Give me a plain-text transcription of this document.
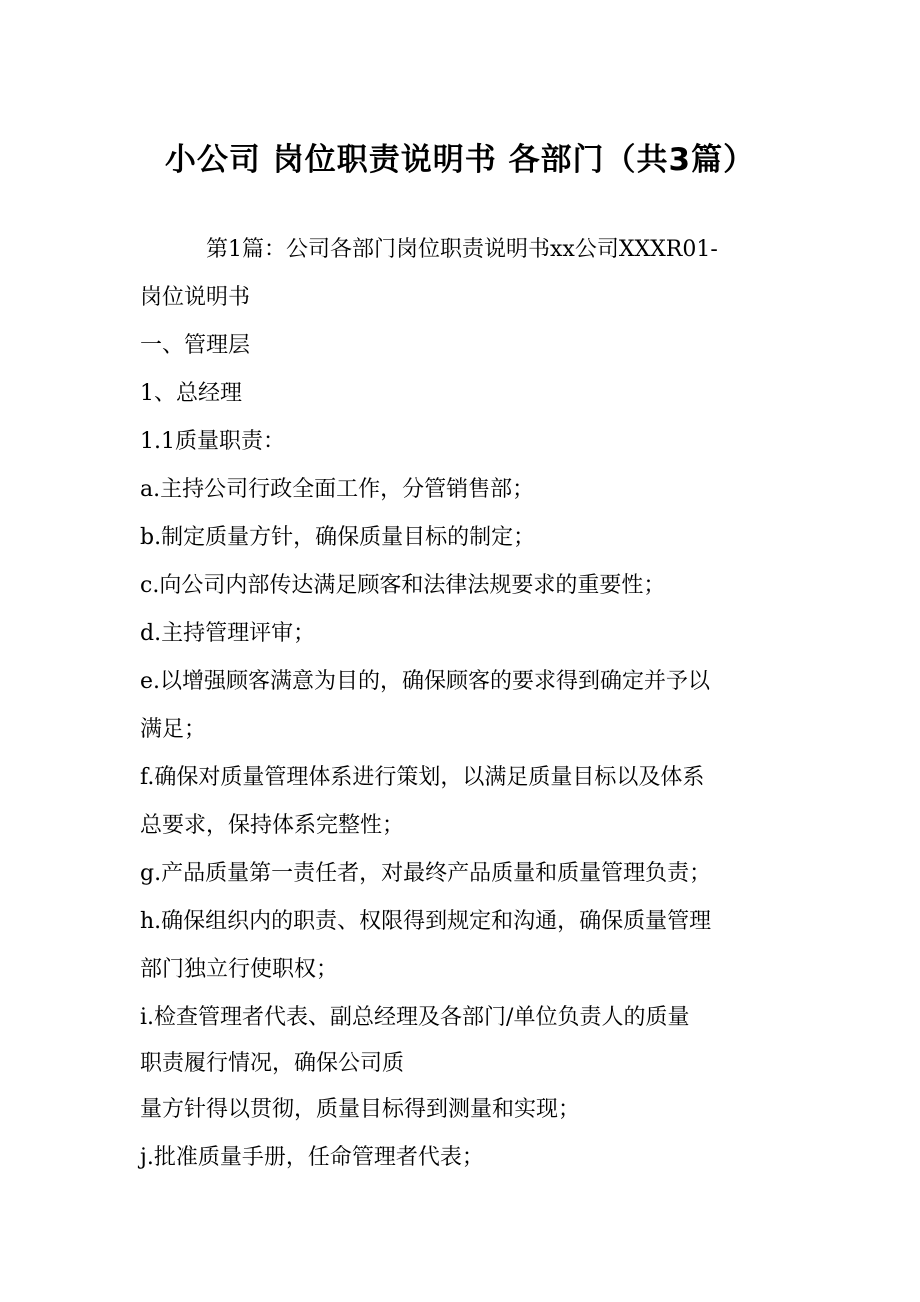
小公司 岗位职责说明书 各部门（共3篇）
第1篇：公司各部门岗位职责说明书xx公司XXXR01-
岗位说明书
一、管理层
1、总经理
1.1质量职责：
a.主持公司行政全面工作，分管销售部；
b.制定质量方针，确保质量目标的制定；
c.向公司内部传达满足顾客和法律法规要求的重要性；
d.主持管理评审；
e.以增强顾客满意为目的，确保顾客的要求得到确定并予以
满足；
f.确保对质量管理体系进行策划，以满足质量目标以及体系
总要求，保持体系完整性；
g.产品质量第一责任者，对最终产品质量和质量管理负责；
h.确保组织内的职责、权限得到规定和沟通，确保质量管理
部门独立行使职权；
i.检查管理者代表、副总经理及各部门/单位负责人的质量
职责履行情况，确保公司质
量方针得以贯彻，质量目标得到测量和实现；
j.批准质量手册，任命管理者代表；
